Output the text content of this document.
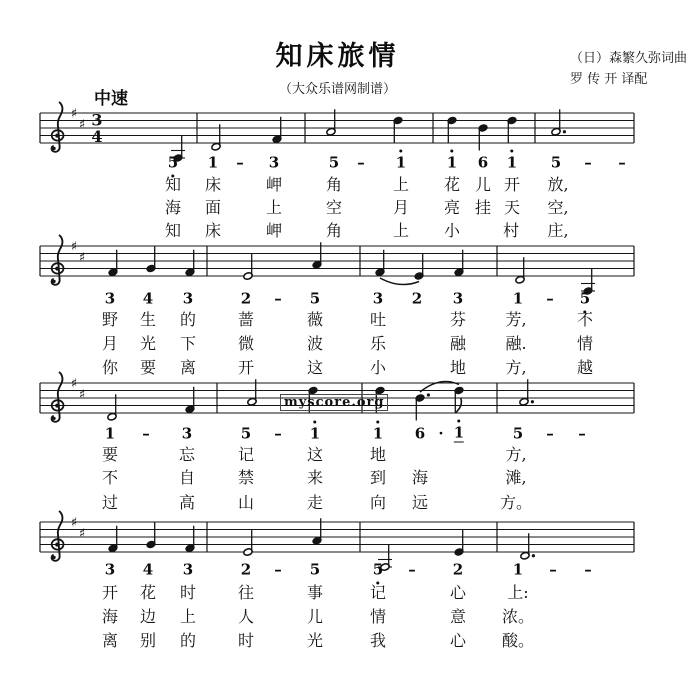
知床旅情
（大众乐谱网制谱）
（日）森繁久弥词曲
罗 传 开 译配
中速
♯
♯ 3
4
5 1 – 3	5 – 1	1 6 1 5 – –
知 床	岬	角	上 花 儿 开 放,
海 面	上	空	月 亮 挂 天 空,
知 床	岬	角	上 小	村 庄,
♯
♯
3 4 3	2 – 5	3 2 3	1 – 5
野 生 的	蔷	薇	吐	芬 芳,	不
月 光 下	微	波	乐	融 融.	情
你 要 离	开	这	小	地 方,	越
♯
♯
1 – 3	5 – 1	1 6 · 1	5 – –
要	忘	记	这	地	方,
不	自	禁	来	到 海	滩,
过	高	山	走	向 远	方。
♯
♯
3 4 3	2 – 5	5 – 2	1 – –
开 花 时	往	事	记	心	上:
海 边 上	人	儿	情	意 浓。
离 别 的	时	光	我	心 酸。
myscore.org
